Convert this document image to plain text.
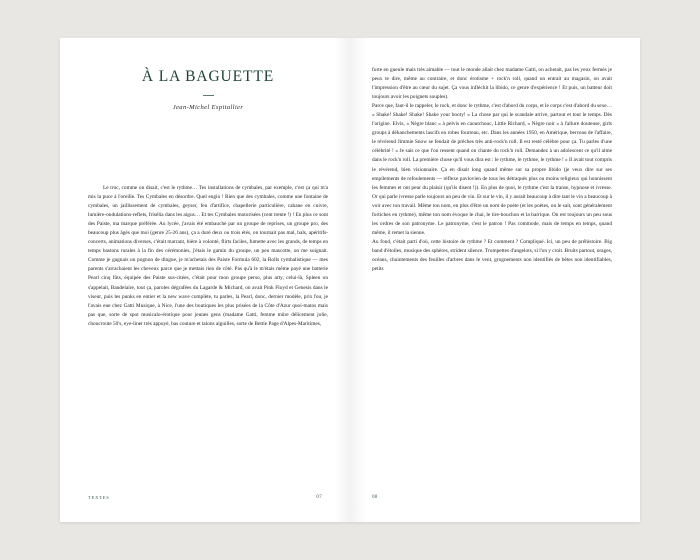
À LA BAGUETTE

Jean-Michel Espitallier

Le truc, comme on disait, c'est le rythme… Tes installations de cymbales, par exemple, c'est ça qui m'a mis la puce à l'oreille. Tes Cymbales en désordre. Quel engin ! Rien que des cymbales, comme une fontaine de cymbales, un jaillissement de cymbales, geyser, feu d'artifice, chapellerie particulière, cabane en cuivre, lumière-ondulations-reflets, frisélia dans les aigus… Et tes Cymbales motorisées (cent trente !) ! En plus ce sont des Paiste, ma marque préférée. Au lycée, j'avais été embauché par un groupe de reprises, un groupe pro, des beaucoup plus âgés que moi (genre 25-26 ans), ça a duré deux ou trois étés, on tournait pas mal, bals, apéritifs-concerts, animations diverses, c'était marrant, bière à volonté, flirts faciles, fumette avec les grands, de temps en temps bastons rurales à la fin des cérémonies, j'étais le gamin du groupe, un peu mascotte, on me soignait. Comme je gagnais un pognon de dingue, je m'achetais des Paiste Formula 602, la Rolls cymbalistique — mes parents s'arrachaient les cheveux parce que je mettais rien de côté. Pas qu'à le m'étais même payé une batterie Pearl cinq fûts, équipée des Paiste sus-citées, c'était pour mon groupe perso, plus arty, celui-là, Spleen on s'appelait, Baudelaire, tout ça, paroles dégrafées du Lagarde & Michard, on avait Pink Floyd et Genesis dans le viseur, puis les punks en entier et la new wave complète, tu parles, la Pearl, donc, dernier modèle, prix fou, je l'avais eue chez Gatti Musique, à Nice, l'une des boutiques les plus prisées de la Côte d'Azur quoi-matos mais pas que, sorte de spot musicalo-érotique pour jeunes gens (madame Gatti, femme mûre délicement jolie, choucroute 50's, eye-liner très appuyé, bas couture et talons aiguilles, sorte de Bettie Page d'Alpes-Maritimes,

TEXTES	07

forte en gueule mais très aimable — tout le monde allait chez madame Gatti, on achetait, pas les yeux fermés je peux te dire, même au contraire, et donc érotisme + rock'n roll, quand on entrait au magasin, on avait l'impression d'être au cœur du sujet. Ça vous infléchit la libido, ce genre d'expérience ! Et puis, un batteur doit toujours avoir les poignets souples).

Parce que, faut-il le rappeler, le rock, et donc le rythme, c'est d'abord du corps, et le corps c'est d'abord du sexe… « Shake! Shake! Shake! Shake your booty! » La chose par qui le scandale arrive, partout et tout le temps. Dès l'origine. Elvis, « Nègre blanc » à pelvis en caoutchouc, Little Richard, « Nègre noir » à l'allure douteuse, girls groups à déhanchements lascifs en robes fourreau, etc. Dans les années 1950, en Amérique, berceau de l'affaire, le révérend Jimmie Snow se fendait de prêches très anti-rock'n roll. Il est resté célèbre pour ça. Tu parles d'une célébrité ! « Je sais ce que l'on ressent quand on chante du rock'n roll. Demandez à un adolescent ce qu'il aime dans le rock'n roll. La première chose qu'il vous dira est : le rythme, le rythme, le rythme ! » Il avait tout compris le révérend, bien visionnaire. Ça en disait long quand même sur sa propre libido (je veux dire sur ses empilements de refoulements — réflexe pavlovien de tous les détraqués plus ou moins religieux qui honnissent les femmes et ont peur du plaisir (qu'ils disent !)). En plus de quoi, le rythme c'est la transe, hypnose et ivresse. Or qui parle ivresse parle toujours un peu de vin. Et sur le vin, il y aurait beaucoup à dire tant le vin a beaucoup à voir avec ton travail. Même ton nom, en plus d'être un nom de poète (et les poètes, on le sait, sont généralement fortiches en rythme), même ton nom évoque le chai, le tire-bouchon et la barrique. On est toujours un peu sous les ordres de son patronyme. Le patronyme, c'est le patron ! Pas commode, mais de temps en temps, quand même, il remet la sienne.

Au fond, c'était parti d'où, cette histoire de rythme ? Et comment ? Compliqué. Ici, un peu de préhistoire. Big band d'étoiles, musique des sphères, strident silence. Trompettes d'angelots, si l'on y croit. Bruits partout, orages, océans, chuintements des feuilles d'arbres dans le vent, grognements non identifiés de bêtes non identifiables, petits

08
